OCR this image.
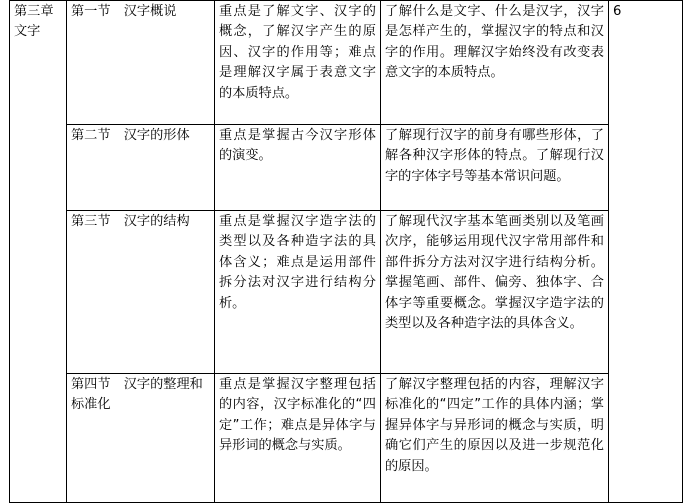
第三章文字	第一节　汉字概说	重点是了解文字、汉字的概念，了解汉字产生的原因、汉字的作用等；难点是理解汉字属于表意文字的本质特点。	了解什么是文字、什么是汉字，汉字是怎样产生的，掌握汉字的特点和汉字的作用。理解汉字始终没有改变表意文字的本质特点。	6
	第二节　汉字的形体	重点是掌握古今汉字形体的演变。	了解现行汉字的前身有哪些形体，了解各种汉字形体的特点。了解现行汉字的字体字号等基本常识问题。	
	第三节　汉字的结构	重点是掌握汉字造字法的类型以及各种造字法的具体含义；难点是运用部件拆分法对汉字进行结构分析。	了解现代汉字基本笔画类别以及笔画次序，能够运用现代汉字常用部件和部件拆分方法对汉字进行结构分析。掌握笔画、部件、偏旁、独体字、合体字等重要概念。掌握汉字造字法的类型以及各种造字法的具体含义。	
	第四节　汉字的整理和标准化	重点是掌握汉字整理包括的内容，汉字标准化的“四定”工作；难点是异体字与异形词的概念与实质。	了解汉字整理包括的内容，理解汉字标准化的“四定”工作的具体内涵；掌握异体字与异形词的概念与实质，明确它们产生的原因以及进一步规范化的原因。	
